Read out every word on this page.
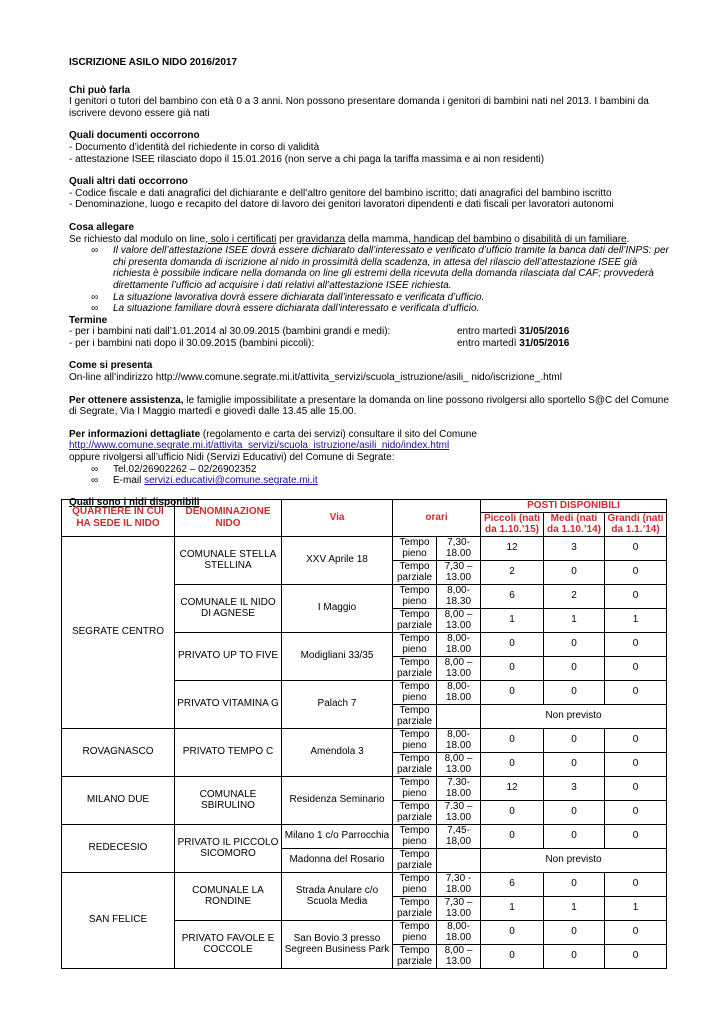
ISCRIZIONE ASILO NIDO 2016/2017

Chi può farla

I genitori o tutori del bambino con età 0 a 3 anni. Non possono presentare domanda i genitori di bambini nati nel 2013. I bambini da iscrivere devono essere già nati

Quali documenti occorrono

- Documento d’identità del richiedente in corso di validità

- attestazione ISEE rilasciato dopo il 15.01.2016 (non serve a chi paga la tariffa massima e ai non residenti)

Quali altri dati occorrono

- Codice fiscale e dati anagrafici del dichiarante e dell’altro genitore del bambino iscritto; dati anagrafici del bambino iscritto

- Denominazione, luogo e recapito del datore di lavoro dei genitori lavoratori dipendenti e dati fiscali per lavoratori autonomi

Cosa allegare

Se richiesto dal modulo on line, solo i certificati per gravidanza della mamma, handicap del bambino o disabilità di un familiare.

∞ Il valore dell’attestazione ISEE dovrà essere dichiarato dall’interessato e verificato d’ufficio tramite la banca dati dell’INPS: per chi presenta domanda di iscrizione al nido in prossimità della scadenza, in attesa del rilascio dell’attestazione ISEE già richiesta è possibile indicare nella domanda on line gli estremi della ricevuta della domanda rilasciata dal CAF; provvederà direttamente l’ufficio ad acquisire i dati relativi all’attestazione ISEE richiesta.
∞ La situazione lavorativa dovrà essere dichiarata dall’interessato e verificata d’ufficio.
∞ La situazione familiare dovrà essere dichiarata dall’interessato e verificata d’ufficio.

Termine

- per i bambini nati dall’1.01.2014 al 30.09.2015 (bambini grandi e medi):	entro martedì 31/05/2016
- per i bambini nati dopo il 30.09.2015 (bambini piccoli):	entro martedì 31/05/2016

Come si presenta

On-line all’indirizzo http://www.comune.segrate.mi.it/attivita_servizi/scuola_istruzione/asili_ nido/iscrizione_.html

Per ottenere assistenza, le famiglie impossibilitate a presentare la domanda on line possono rivolgersi allo sportello S@C del Comune di Segrate, Via I Maggio martedì e giovedì dalle 13.45 alle 15.00.

Per informazioni dettagliate (regolamento e carta dei servizi) consultare il sito del Comune

http://www.comune.segrate.mi.it/attivita_servizi/scuola_istruzione/asili_nido/index.html

oppure rivolgersi all’ufficio Nidi (Servizi Educativi) del Comune di Segrate:

∞ Tel.02/26902262 – 02/26902352
∞ E-mail servizi.educativi@comune.segrate.mi.it

Quali sono i nidi disponibili

QUARTIERE IN CUI HA SEDE IL NIDO	DENOMINAZIONE NIDO	Via	orari		POSTI DISPONIBILI		
					Piccoli (nati da 1.10.’15)	Medi (nati da 1.10.’14)	Grandi (nati da 1.1.’14)
SEGRATE CENTRO	COMUNALE STELLA STELLINA	XXV Aprile 18	Tempo pieno	7,30-18.00	12	3	0
			Tempo parziale	7,30 – 13.00	2	0	0
	COMUNALE IL NIDO DI AGNESE	I Maggio	Tempo pieno	8,00-18.30	6	2	0
			Tempo parziale	8,00 – 13.00	1	1	1
	PRIVATO UP TO FIVE	Modigliani 33/35	Tempo pieno	8,00-18.00	0	0	0
			Tempo parziale	8,00 – 13.00	0	0	0
	PRIVATO VITAMINA G	Palach 7	Tempo pieno	8,00-18.00	0	0	0
			Tempo parziale		Non previsto		
ROVAGNASCO	PRIVATO TEMPO C	Amendola 3	Tempo pieno	8,00-18.00	0	0	0
			Tempo parziale	8,00 – 13.00	0	0	0
MILANO DUE	COMUNALE SBIRULINO	Residenza Seminario	Tempo pieno	7.30-18.00	12	3	0
			Tempo parziale	7.30 – 13.00	0	0	0
REDECESIO	PRIVATO IL PICCOLO SICOMORO	Milano 1 c/o Parrocchia	Tempo pieno	7,45-18,00	0	0	0
		Madonna del Rosario	Tempo parziale		Non previsto		
SAN FELICE	COMUNALE LA RONDINE	Strada Anulare c/o Scuola Media	Tempo pieno	7,30 - 18.00	6	0	0
			Tempo parziale	7,30 – 13.00	1	1	1
	PRIVATO FAVOLE E COCCOLE	San Bovio 3 presso Segreen Business Park	Tempo pieno	8,00-18.00	0	0	0
			Tempo parziale	8,00 – 13.00	0	0	0
